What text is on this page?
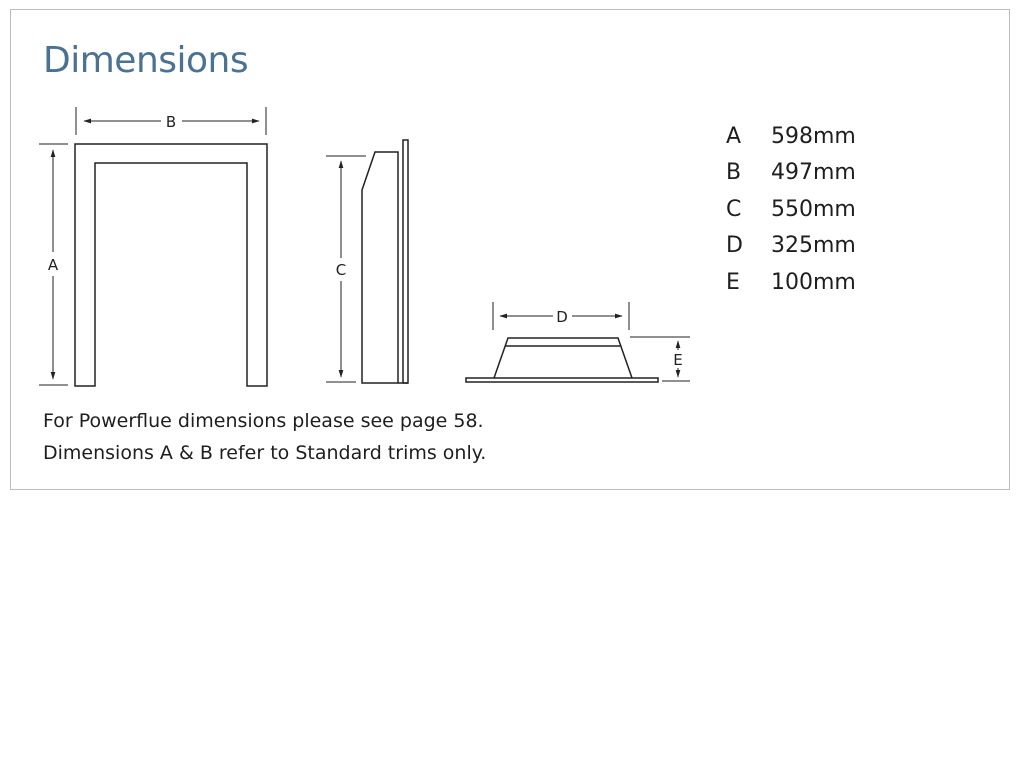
Dimensions
B
A	C
D
E
A	598mm
B	497mm
C	550mm
D	325mm
E	100mm
For Powerflue dimensions please see page 58.
Dimensions A & B refer to Standard trims only.
